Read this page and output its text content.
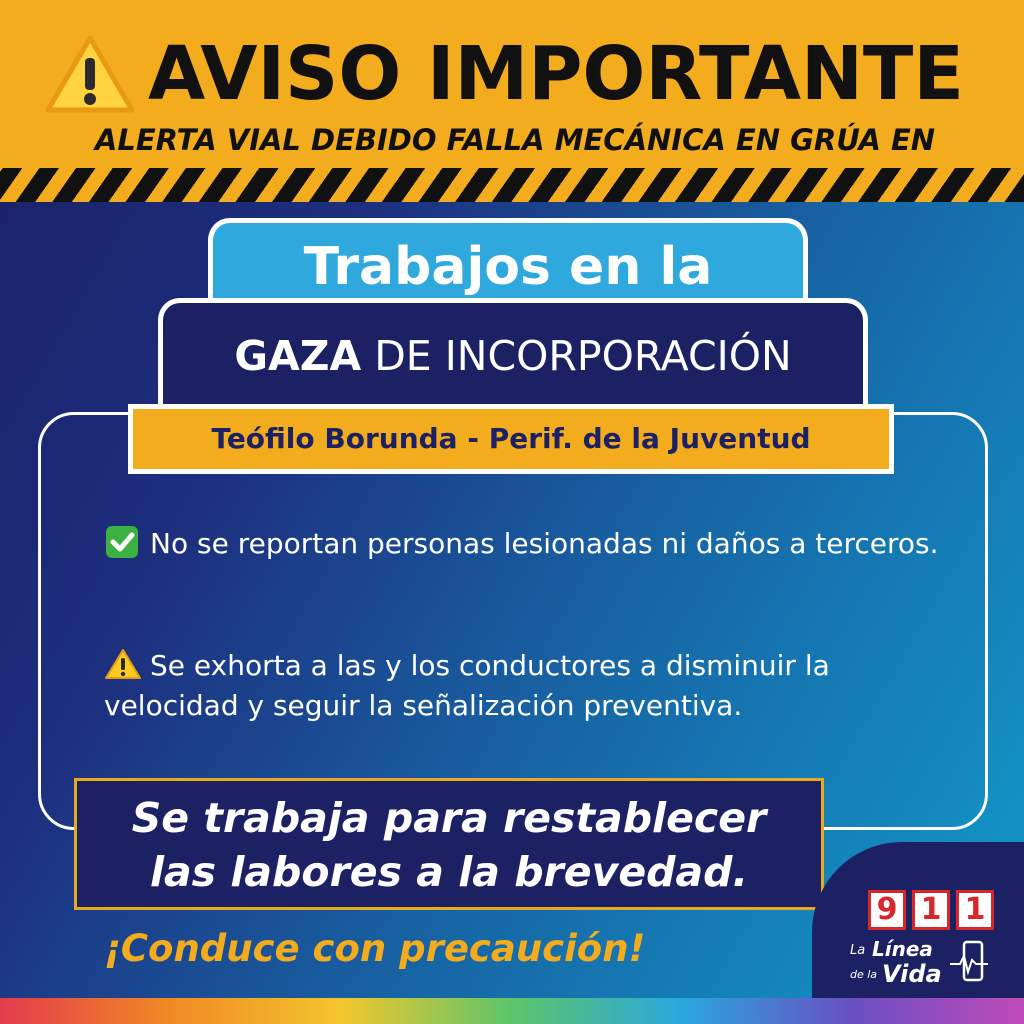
AVISO IMPORTANTE

ALERTA VIAL DEBIDO FALLA MECÁNICA EN GRÚA EN

Trabajos en la

GAZA DE INCORPORACIÓN

Teófilo Borunda - Perif. de la Juventud

No se reportan personas lesionadas ni daños a terceros.

Se exhorta a las y los conductores a disminuir la velocidad y seguir la señalización preventiva.

Se trabaja para restablecer
las labores a la brevedad.

¡Conduce con precaución!

9 1 1
La Línea
de la Vida
